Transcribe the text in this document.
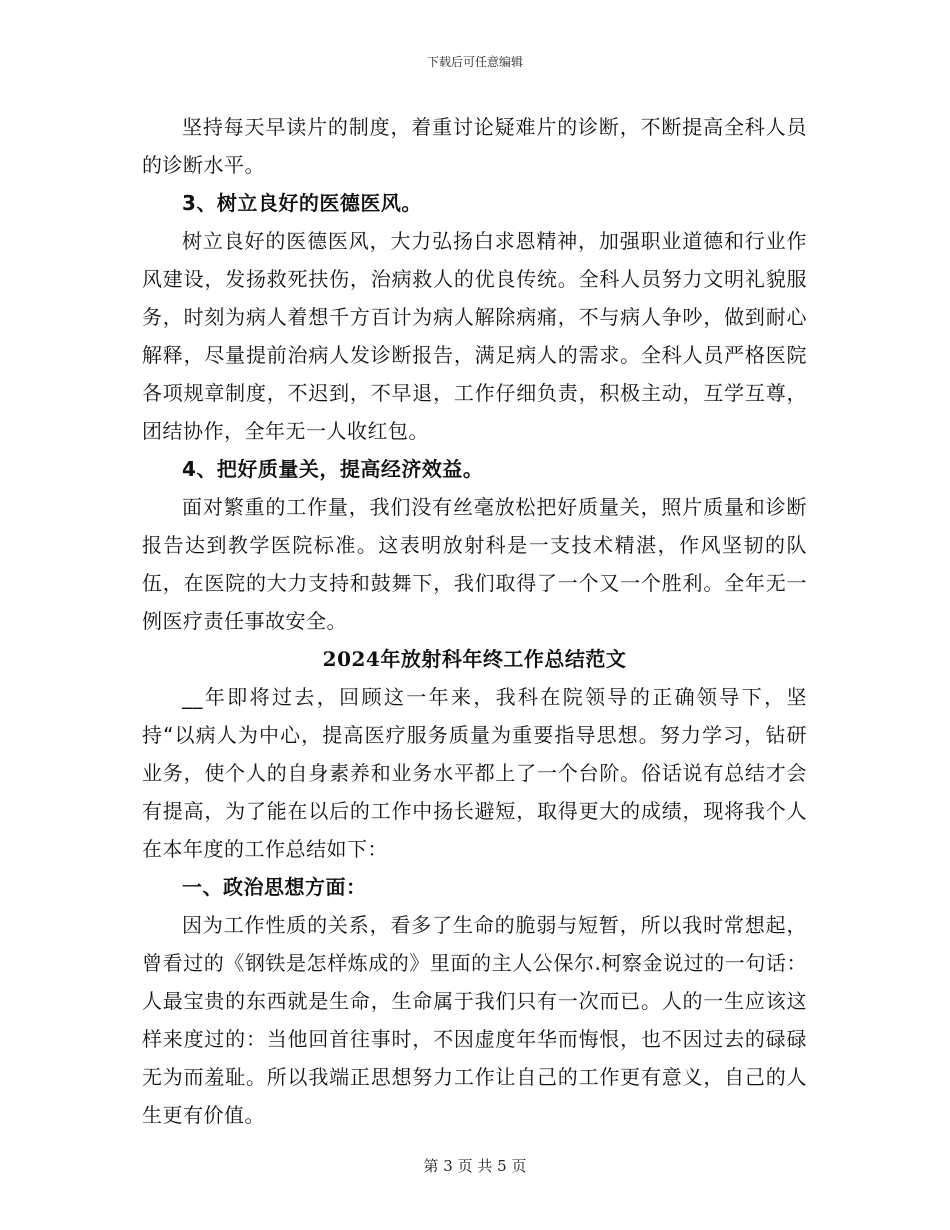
下载后可任意编辑

坚持每天早读片的制度，着重讨论疑难片的诊断，不断提高全科人员的诊断水平。

3、树立良好的医德医风。

树立良好的医德医风，大力弘扬白求恩精神，加强职业道德和行业作风建设，发扬救死扶伤，治病救人的优良传统。全科人员努力文明礼貌服务，时刻为病人着想千方百计为病人解除病痛，不与病人争吵，做到耐心解释，尽量提前治病人发诊断报告，满足病人的需求。全科人员严格医院各项规章制度，不迟到，不早退，工作仔细负责，积极主动，互学互尊，团结协作，全年无一人收红包。

4、把好质量关，提高经济效益。

面对繁重的工作量，我们没有丝毫放松把好质量关，照片质量和诊断报告达到教学医院标准。这表明放射科是一支技术精湛，作风坚韧的队伍，在医院的大力支持和鼓舞下，我们取得了一个又一个胜利。全年无一例医疗责任事故安全。

2024年放射科年终工作总结范文

__年即将过去，回顾这一年来，我科在院领导的正确领导下，坚持“以病人为中心，提高医疗服务质量为重要指导思想。努力学习，钻研业务，使个人的自身素养和业务水平都上了一个台阶。俗话说有总结才会有提高，为了能在以后的工作中扬长避短，取得更大的成绩，现将我个人在本年度的工作总结如下：

一、政治思想方面：

因为工作性质的关系，看多了生命的脆弱与短暂，所以我时常想起，曾看过的《钢铁是怎样炼成的》里面的主人公保尔.柯察金说过的一句话：人最宝贵的东西就是生命，生命属于我们只有一次而已。人的一生应该这样来度过的：当他回首往事时，不因虚度年华而悔恨，也不因过去的碌碌无为而羞耻。所以我端正思想努力工作让自己的工作更有意义，自己的人生更有价值。

第 3 页 共 5 页
